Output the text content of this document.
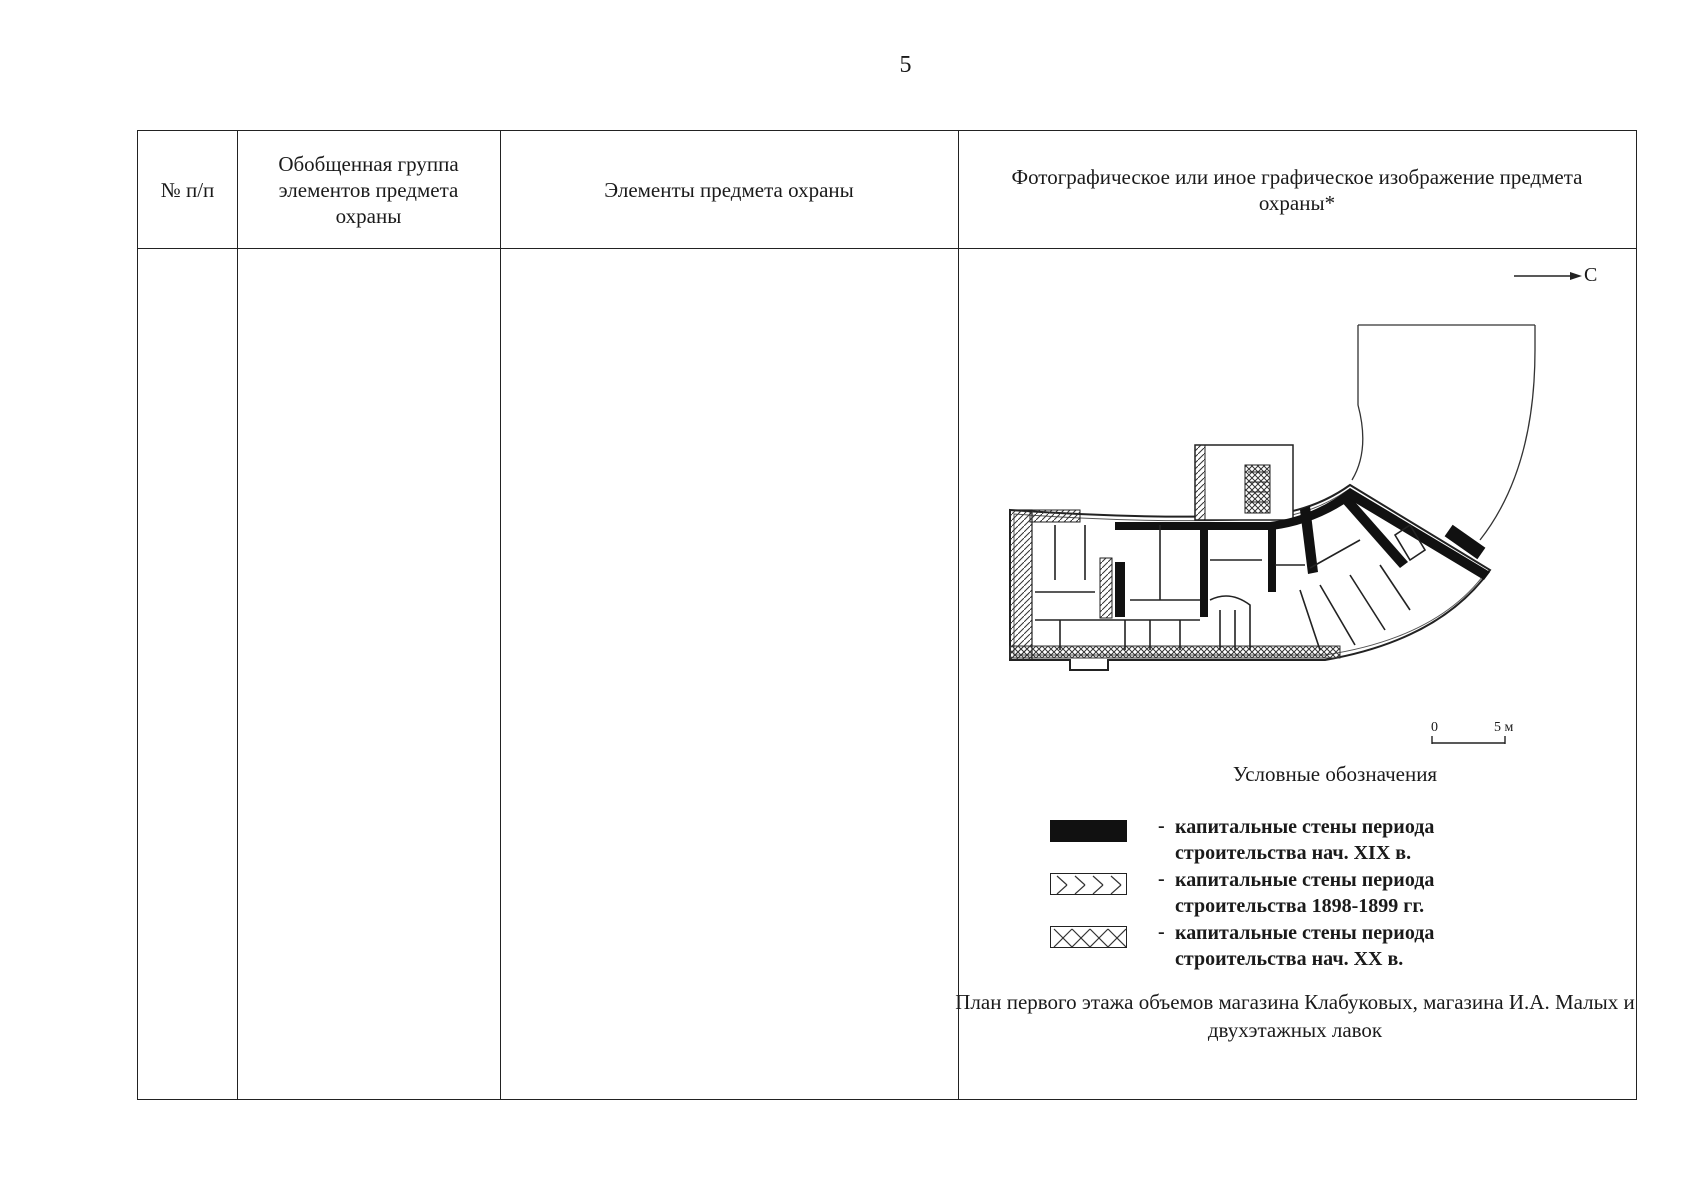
5
№ п/п
Обобщенная группа элементов предмета охраны
Элементы предмета охраны
Фотографическое или иное графическое изображение предмета охраны*
С
0	5 м
Условные обозначения
- капитальные стены периода строительства нач. XIX в.
- капитальные стены периода строительства 1898-1899 гг.
- капитальные стены периода строительства нач. XX в.
План первого этажа объемов магазина Клабуковых, магазина И.А. Малых и двухэтажных лавок
